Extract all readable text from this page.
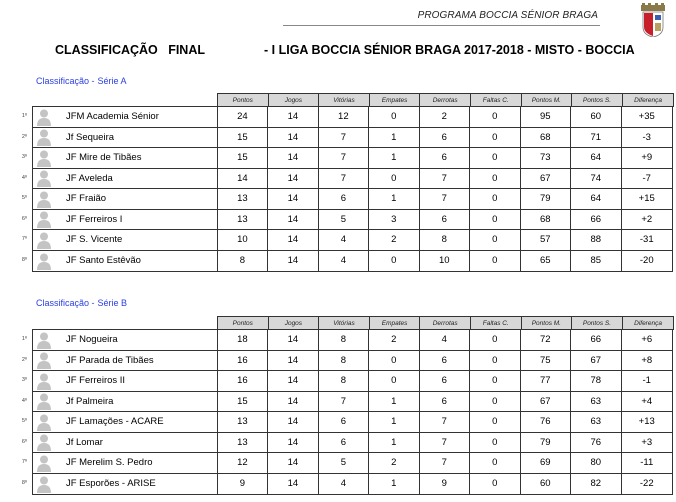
PROGRAMA BOCCIA SÉNIOR BRAGA
CLASSIFICAÇÃO   FINAL	- I LIGA BOCCIA SÉNIOR BRAGA 2017-2018 - MISTO - BOCCIA
Classificação - Série A
Pontos	Jogos	Vitórias	Empates	Derrotas	Faltas C.	Pontos M.	Pontos S.	Diferença
1º	JFM Academia Sénior	24	14	12	0	2	0	95	60	+35
2º	Jf Sequeira	15	14	7	1	6	0	68	71	-3
3º	JF Mire de Tibães	15	14	7	1	6	0	73	64	+9
4º	JF Aveleda	14	14	7	0	7	0	67	74	-7
5º	JF Fraião	13	14	6	1	7	0	79	64	+15
6º	JF Ferreiros I	13	14	5	3	6	0	68	66	+2
7º	JF S. Vicente	10	14	4	2	8	0	57	88	-31
8º	JF Santo Estêvão	8	14	4	0	10	0	65	85	-20
Classificação - Série B
Pontos	Jogos	Vitórias	Empates	Derrotas	Faltas C.	Pontos M.	Pontos S.	Diferença
1º	JF Nogueira	18	14	8	2	4	0	72	66	+6
2º	JF Parada de Tibães	16	14	8	0	6	0	75	67	+8
3º	JF Ferreiros II	16	14	8	0	6	0	77	78	-1
4º	Jf Palmeira	15	14	7	1	6	0	67	63	+4
5º	JF Lamações - ACARE	13	14	6	1	7	0	76	63	+13
6º	Jf Lomar	13	14	6	1	7	0	79	76	+3
7º	JF Merelim S. Pedro	12	14	5	2	7	0	69	80	-11
8º	JF Esporões - ARISE	9	14	4	1	9	0	60	82	-22
